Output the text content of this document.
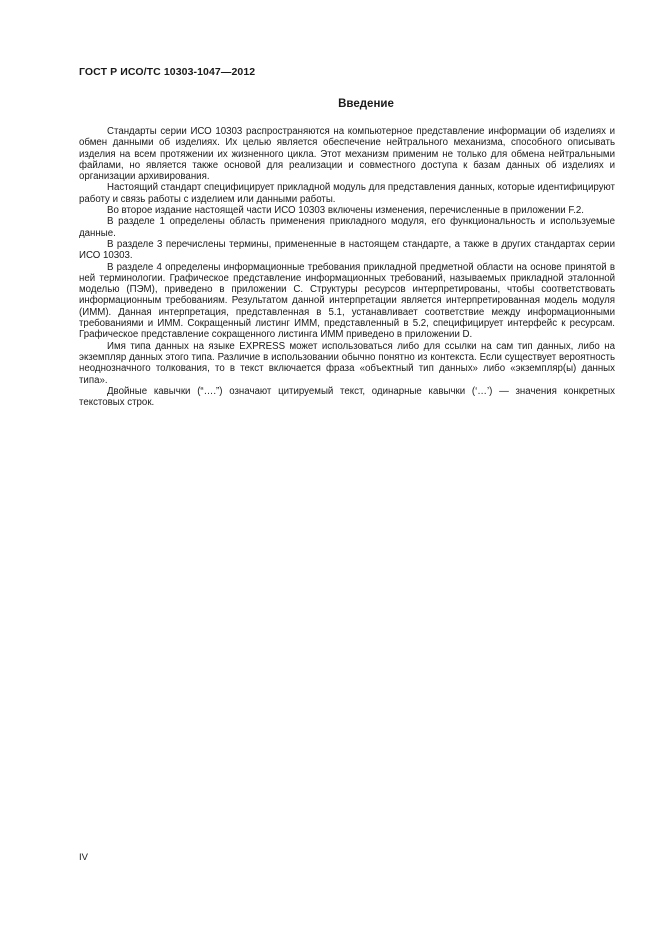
ГОСТ Р ИСО/ТС 10303-1047—2012
Введение

Стандарты серии ИСО 10303 распространяются на компьютерное представление информации об изделиях и обмен данными об изделиях. Их целью является обеспечение нейтрального механизма, способного описывать изделия на всем протяжении их жизненного цикла. Этот механизм применим не только для обмена нейтральными файлами, но является также основой для реализации и совместного доступа к базам данных об изделиях и организации архивирования.

Настоящий стандарт специфицирует прикладной модуль для представления данных, которые идентифицируют работу и связь работы с изделием или данными работы.

Во второе издание настоящей части ИСО 10303 включены изменения, перечисленные в приложении F.2.

В разделе 1 определены область применения прикладного модуля, его функциональность и используемые данные.

В разделе 3 перечислены термины, примененные в настоящем стандарте, а также в других стандартах серии ИСО 10303.

В разделе 4 определены информационные требования прикладной предметной области на основе принятой в ней терминологии. Графическое представление информационных требований, называемых прикладной эталонной моделью (ПЭМ), приведено в приложении С. Структуры ресурсов интерпретированы, чтобы соответствовать информационным требованиям. Результатом данной интерпретации является интерпретированная модель модуля (ИММ). Данная интерпретация, представленная в 5.1, устанавливает соответствие между информационными требованиями и ИММ. Сокращенный листинг ИММ, представленный в 5.2, специфицирует интерфейс к ресурсам. Графическое представление сокращенного листинга ИММ приведено в приложении D.

Имя типа данных на языке EXPRESS может использоваться либо для ссылки на сам тип данных, либо на экземпляр данных этого типа. Различие в использовании обычно понятно из контекста. Если существует вероятность неоднозначного толкования, то в текст включается фраза «объектный тип данных» либо «экземпляр(ы) данных типа».

Двойные кавычки (“….”) означают цитируемый текст, одинарные кавычки (‘…’) — значения конкретных текстовых строк.

IV
